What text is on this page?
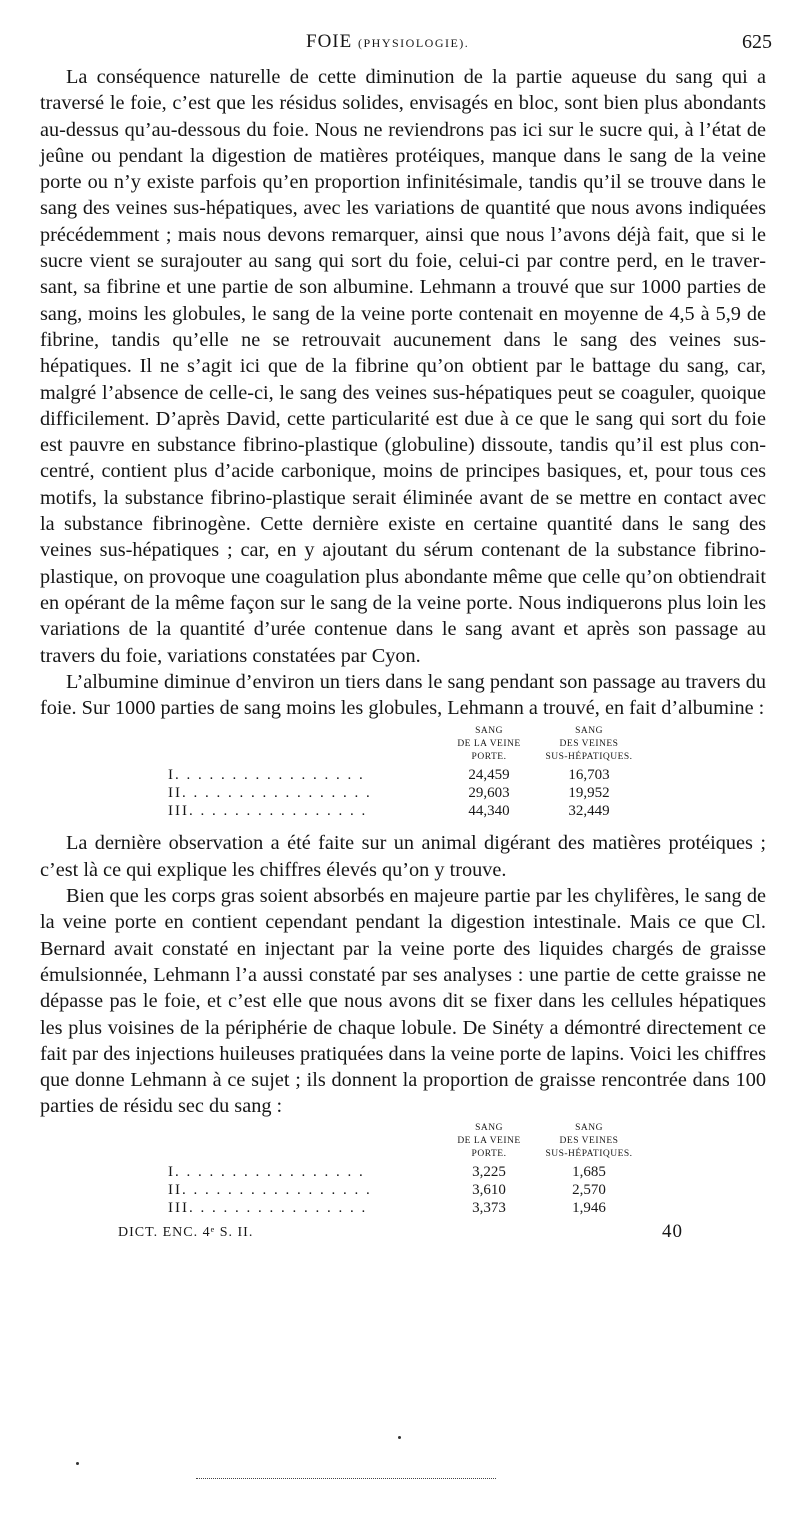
FOIE (PHYSIOLOGIE).	625

La conséquence naturelle de cette diminution de la partie aqueuse du sang qui a traversé le foie, c’est que les résidus solides, envisagés en bloc, sont bien plus abondants au-dessus qu’au-dessous du foie. Nous ne reviendrons pas ici sur le sucre qui, à l’état de jeûne ou pendant la digestion de matières protéiques, manque dans le sang de la veine porte ou n’y existe parfois qu’en proportion infinitésimale, tandis qu’il se trouve dans le sang des veines sus-hépatiques, avec les variations de quantité que nous avons indiquées précédemment ; mais nous devons remarquer, ainsi que nous l’avons déjà fait, que si le sucre vient se surajouter au sang qui sort du foie, celui-ci par contre perd, en le traversant, sa fibrine et une partie de son albumine. Lehmann a trouvé que sur 1000 parties de sang, moins les globules, le sang de la veine porte contenait en moyenne de 4,5 à 5,9 de fibrine, tandis qu’elle ne se retrouvait aucunement dans le sang des veines sus-hépatiques. Il ne s’agit ici que de la fibrine qu’on obtient par le battage du sang, car, malgré l’absence de celle-ci, le sang des veines sus-hépatiques peut se coaguler, quoique difficilement. D’après David, cette particularité est due à ce que le sang qui sort du foie est pauvre en substance fibrino-plastique (globuline) dissoute, tandis qu’il est plus concentré, contient plus d’acide carbonique, moins de principes basiques, et, pour tous ces motifs, la substance fibrino-plastique serait éliminée avant de se mettre en contact avec la substance fibrinogène. Cette dernière existe en certaine quantité dans le sang des veines sus-hépatiques ; car, en y ajoutant du sérum contenant de la substance fibrino-plastique, on provoque une coagulation plus abondante même que celle qu’on obtiendrait en opérant de la même façon sur le sang de la veine porte. Nous indiquerons plus loin les variations de la quantité d’urée contenue dans le sang avant et après son passage au travers du foie, variations constatées par Cyon.

L’albumine diminue d’environ un tiers dans le sang pendant son passage au travers du foie. Sur 1000 parties de sang moins les globules, Lehmann a trouvé, en fait d’albumine :

	SANG
DE LA VEINE
PORTE.	SANG
DES VEINES
SUS-HÉPATIQUES.
I. . . . . . . . . . . . . . . . .	24,459	16,703
II. . . . . . . . . . . . . . . . .	29,603	19,952
III. . . . . . . . . . . . . . . .	44,340	32,449

La dernière observation a été faite sur un animal digérant des matières protéiques ; c’est là ce qui explique les chiffres élevés qu’on y trouve.

Bien que les corps gras soient absorbés en majeure partie par les chylifères, le sang de la veine porte en contient cependant pendant la digestion intestinale. Mais ce que Cl. Bernard avait constaté en injectant par la veine porte des liquides chargés de graisse émulsionnée, Lehmann l’a aussi constaté par ses analyses : une partie de cette graisse ne dépasse pas le foie, et c’est elle que nous avons dit se fixer dans les cellules hépatiques les plus voisines de la périphérie de chaque lobule. De Sinéty a démontré directement ce fait par des injections huileuses pratiquées dans la veine porte de lapins. Voici les chiffres que donne Lehmann à ce sujet ; ils donnent la proportion de graisse rencontrée dans 100 parties de résidu sec du sang :

	SANG
DE LA VEINE
PORTE.	SANG
DES VEINES
SUS-HÉPATIQUES.
I. . . . . . . . . . . . . . . . .	3,225	1,685
II. . . . . . . . . . . . . . . . .	3,610	2,570
III. . . . . . . . . . . . . . . .	3,373	1,946
DICT. ENC. 4ᵉ S. II.	40
